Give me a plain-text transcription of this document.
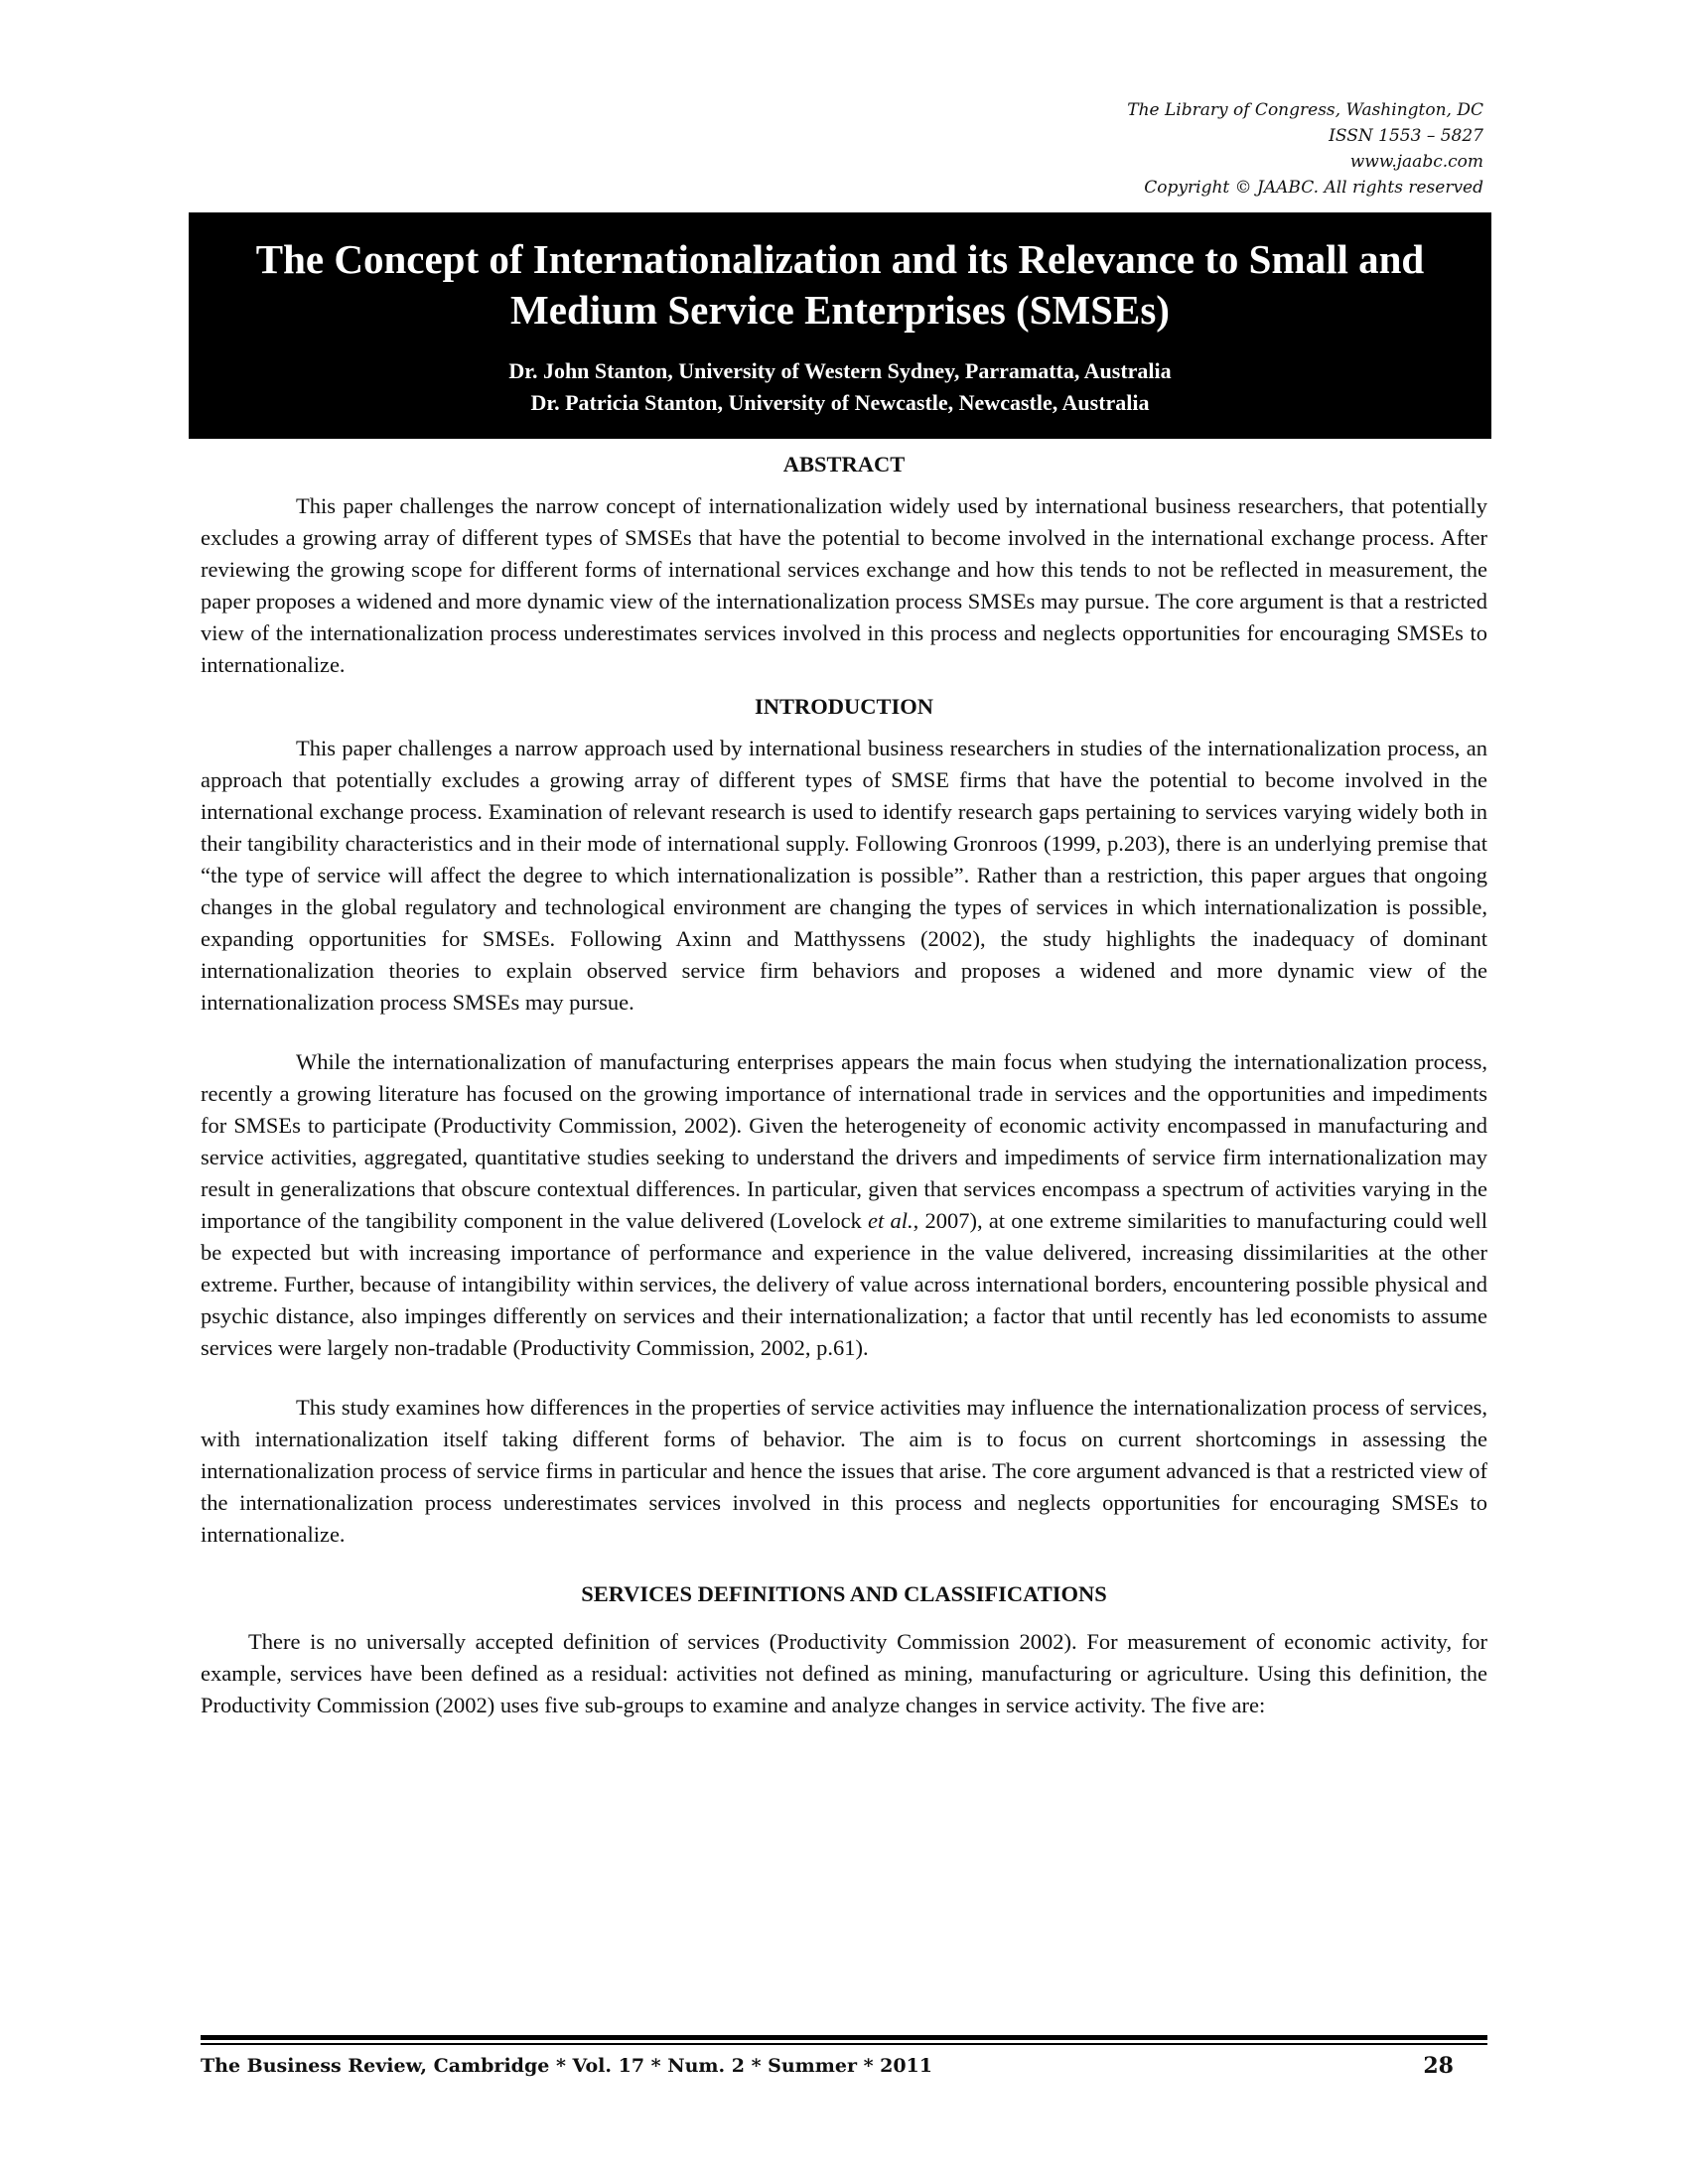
The Library of Congress, Washington, DC
ISSN 1553 – 5827
www.jaabc.com
Copyright © JAABC. All rights reserved
The Concept of Internationalization and its Relevance to Small and Medium Service Enterprises (SMSEs)
Dr. John Stanton, University of Western Sydney, Parramatta, Australia
Dr. Patricia Stanton, University of Newcastle, Newcastle, Australia
ABSTRACT

This paper challenges the narrow concept of internationalization widely used by international business researchers, that potentially excludes a growing array of different types of SMSEs that have the potential to become involved in the international exchange process. After reviewing the growing scope for different forms of international services exchange and how this tends to not be reflected in measurement, the paper proposes a widened and more dynamic view of the internationalization process SMSEs may pursue. The core argument is that a restricted view of the internationalization process underestimates services involved in this process and neglects opportunities for encouraging SMSEs to internationalize.

INTRODUCTION

This paper challenges a narrow approach used by international business researchers in studies of the internationalization process, an approach that potentially excludes a growing array of different types of SMSE firms that have the potential to become involved in the international exchange process. Examination of relevant research is used to identify research gaps pertaining to services varying widely both in their tangibility characteristics and in their mode of international supply. Following Gronroos (1999, p.203), there is an underlying premise that “the type of service will affect the degree to which internationalization is possible”. Rather than a restriction, this paper argues that ongoing changes in the global regulatory and technological environment are changing the types of services in which internationalization is possible, expanding opportunities for SMSEs. Following Axinn and Matthyssens (2002), the study highlights the inadequacy of dominant internationalization theories to explain observed service firm behaviors and proposes a widened and more dynamic view of the internationalization process SMSEs may pursue.

While the internationalization of manufacturing enterprises appears the main focus when studying the internationalization process, recently a growing literature has focused on the growing importance of international trade in services and the opportunities and impediments for SMSEs to participate (Productivity Commission, 2002). Given the heterogeneity of economic activity encompassed in manufacturing and service activities, aggregated, quantitative studies seeking to understand the drivers and impediments of service firm internationalization may result in generalizations that obscure contextual differences. In particular, given that services encompass a spectrum of activities varying in the importance of the tangibility component in the value delivered (Lovelock et al., 2007), at one extreme similarities to manufacturing could well be expected but with increasing importance of performance and experience in the value delivered, increasing dissimilarities at the other extreme. Further, because of intangibility within services, the delivery of value across international borders, encountering possible physical and psychic distance, also impinges differently on services and their internationalization; a factor that until recently has led economists to assume services were largely non-tradable (Productivity Commission, 2002, p.61).

This study examines how differences in the properties of service activities may influence the internationalization process of services, with internationalization itself taking different forms of behavior. The aim is to focus on current shortcomings in assessing the internationalization process of service firms in particular and hence the issues that arise. The core argument advanced is that a restricted view of the internationalization process underestimates services involved in this process and neglects opportunities for encouraging SMSEs to internationalize.

SERVICES DEFINITIONS AND CLASSIFICATIONS

There is no universally accepted definition of services (Productivity Commission 2002). For measurement of economic activity, for example, services have been defined as a residual: activities not defined as mining, manufacturing or agriculture. Using this definition, the Productivity Commission (2002) uses five sub-groups to examine and analyze changes in service activity. The five are:

The Business Review, Cambridge * Vol. 17 * Num. 2 * Summer * 2011	28
